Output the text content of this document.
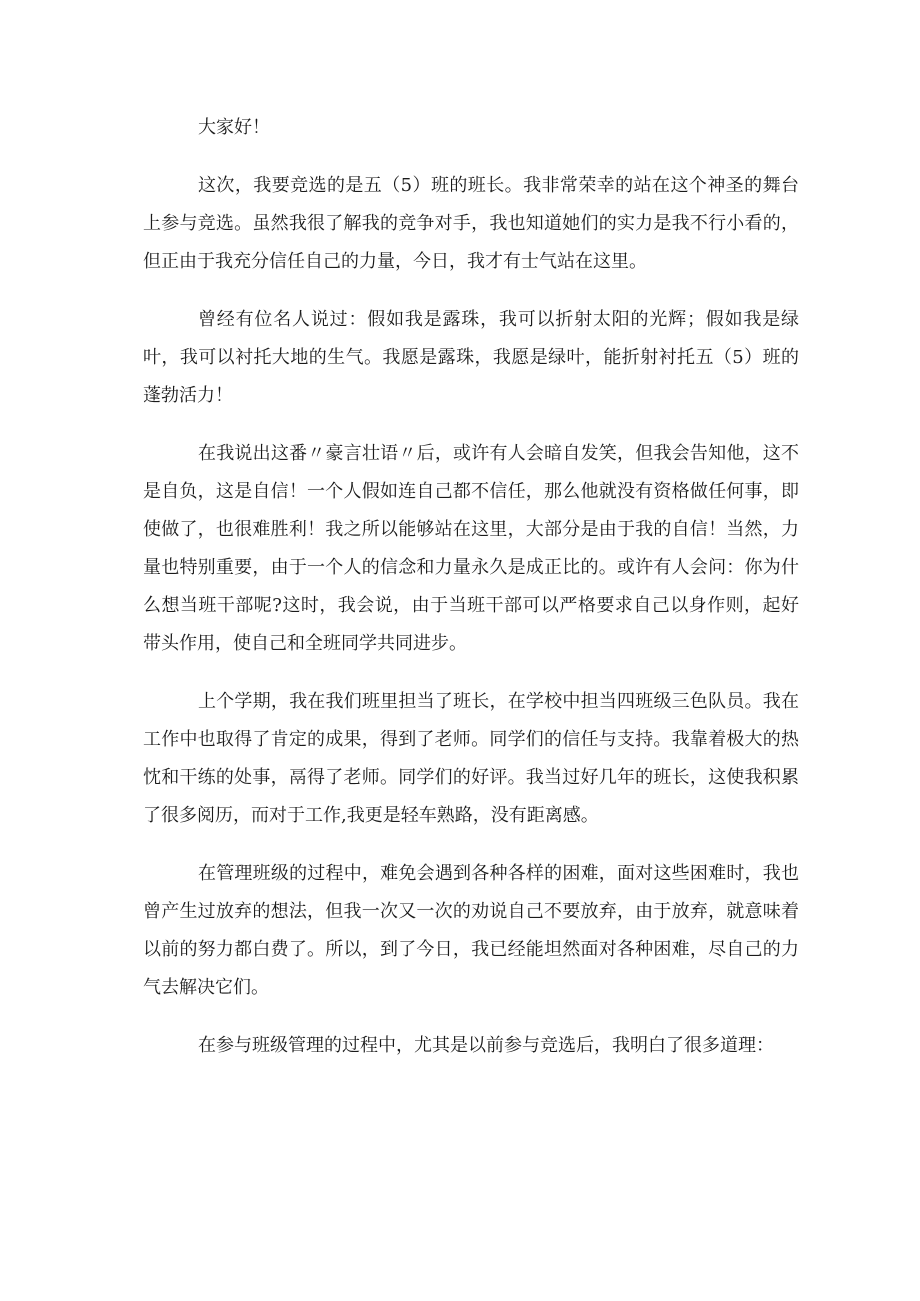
大家好！

这次，我要竞选的是五（5）班的班长。我非常荣幸的站在这个神圣的舞台上参与竞选。虽然我很了解我的竞争对手，我也知道她们的实力是我不行小看的，但正由于我充分信任自己的力量，今日，我才有士气站在这里。

曾经有位名人说过：假如我是露珠，我可以折射太阳的光辉；假如我是绿叶，我可以衬托大地的生气。我愿是露珠，我愿是绿叶，能折射衬托五（5）班的蓬勃活力！

在我说出这番〃豪言壮语〃后，或许有人会暗自发笑，但我会告知他，这不是自负，这是自信！一个人假如连自己都不信任，那么他就没有资格做任何事，即使做了，也很难胜利！我之所以能够站在这里，大部分是由于我的自信！当然，力量也特别重要，由于一个人的信念和力量永久是成正比的。或许有人会问：你为什么想当班干部呢?这时，我会说，由于当班干部可以严格要求自己以身作则，起好带头作用，使自己和全班同学共同进步。

上个学期，我在我们班里担当了班长，在学校中担当四班级三色队员。我在工作中也取得了肯定的成果，得到了老师。同学们的信任与支持。我靠着极大的热忱和干练的处事，鬲得了老师。同学们的好评。我当过好几年的班长，这使我积累了很多阅历，而对于工作,我更是轻车熟路，没有距离感。

在管理班级的过程中，难免会遇到各种各样的困难，面对这些困难时，我也曾产生过放弃的想法，但我一次又一次的劝说自己不要放弃，由于放弃，就意味着以前的努力都白费了。所以，到了今日，我已经能坦然面对各种困难，尽自己的力气去解决它们。

在参与班级管理的过程中，尤其是以前参与竞选后，我明白了很多道理：
